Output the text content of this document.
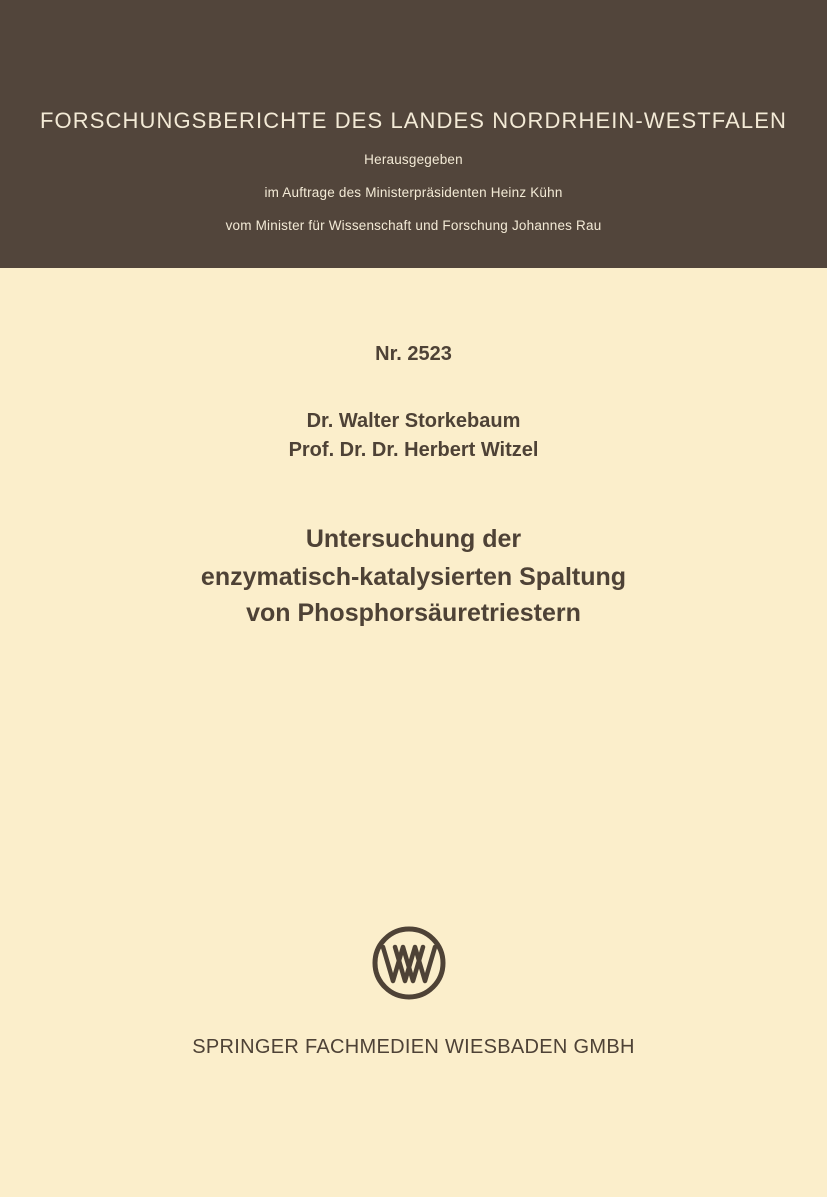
FORSCHUNGSBERICHTE DES LANDES NORDRHEIN-WESTFALEN
Herausgegeben
im Auftrage des Ministerpräsidenten Heinz Kühn
vom Minister für Wissenschaft und Forschung Johannes Rau
Nr. 2523
Dr. Walter Storkebaum
Prof. Dr. Dr. Herbert Witzel
Untersuchung der
enzymatisch-katalysierten Spaltung
von Phosphorsäuretriestern
SPRINGER FACHMEDIEN WIESBADEN GMBH
